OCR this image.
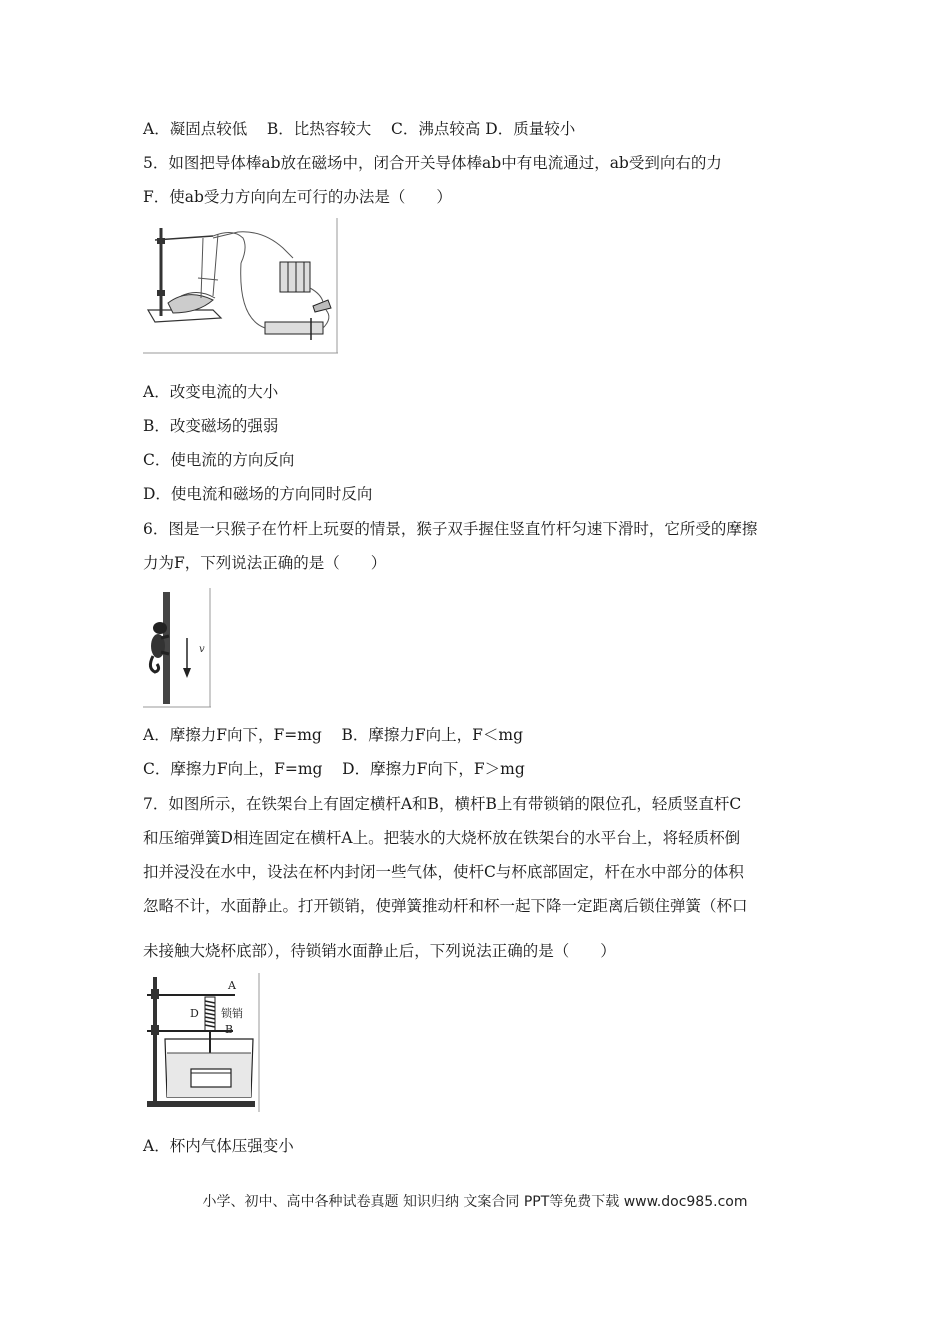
A．凝固点较低    B．比热容较大    C．沸点较高 D．质量较小
5．如图把导体棒ab放在磁场中，闭合开关导体棒ab中有电流通过，ab受到向右的力
F．使ab受力方向向左可行的办法是（　　）
A．改变电流的大小
B．改变磁场的强弱
C．使电流的方向反向
D．使电流和磁场的方向同时反向
6．图是一只猴子在竹杆上玩耍的情景，猴子双手握住竖直竹杆匀速下滑时，它所受的摩擦
力为F，下列说法正确的是（　　）
v
A．摩擦力F向下，F=mg    B．摩擦力F向上，F＜mg
C．摩擦力F向上，F=mg    D．摩擦力F向下，F＞mg
7．如图所示，在铁架台上有固定横杆A和B，横杆B上有带锁销的限位孔，轻质竖直杆C
和压缩弹簧D相连固定在横杆A上。把装水的大烧杯放在铁架台的水平台上，将轻质杯倒
扣并浸没在水中，设法在杯内封闭一些气体，使杆C与杯底部固定，杆在水中部分的体积
忽略不计，水面静止。打开锁销，使弹簧推动杆和杯一起下降一定距离后锁住弹簧（杯口
未接触大烧杯底部），待锁销水面静止后，下列说法正确的是（　　）
A
D 锁销
B
A．杯内气体压强变小
小学、初中、高中各种试卷真题 知识归纳 文案合同 PPT等免费下载 www.doc985.com
